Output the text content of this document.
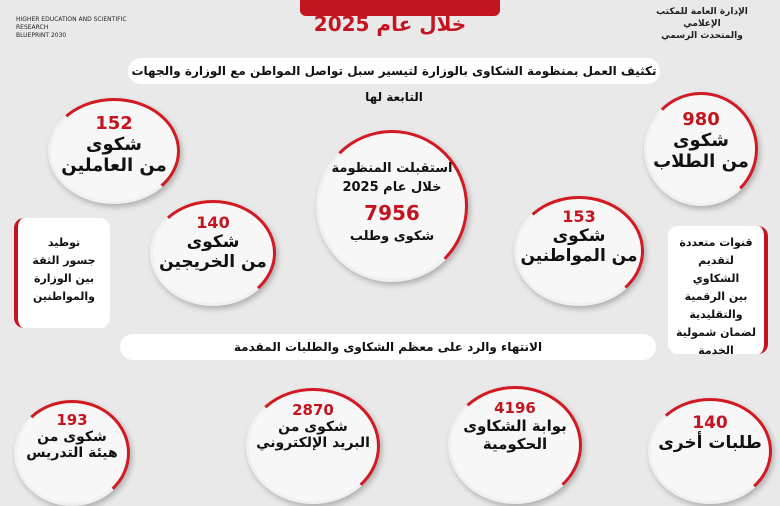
خلال عام 2025	الإدارة العامة للمكتب الإعلامي
والمتحدث الرسمي
HIGHER EDUCATION AND SCIENTIFIC RESEARCH
BLUEPRINT 2030
تكثيف العمل بمنظومة الشكاوى بالوزارة لتيسير سبل تواصل المواطن مع الوزارة والجهات التابعة لها
980
شكوى
من الطلاب
152
شكوى
من العاملين	استقبلت المنظومة
خلال عام 2025
7956
شكوى وطلب
140
شكوى
من الخريجين
153
شكوى
من المواطنين
توطيد
جسور الثقة
بين الوزارة
والمواطنين
قنوات متعددة
لتقديم الشكاوي
بين الرقمية
والتقليدية
لضمان شمولية
الخدمة
الانتهاء والرد على معظم الشكاوى والطلبات المقدمة
193
شكوى من
هيئة التدريس
2870
شكوى من
البريد الإلكتروني
4196
بوابة الشكاوى
الحكومية
140
طلبات أخرى
